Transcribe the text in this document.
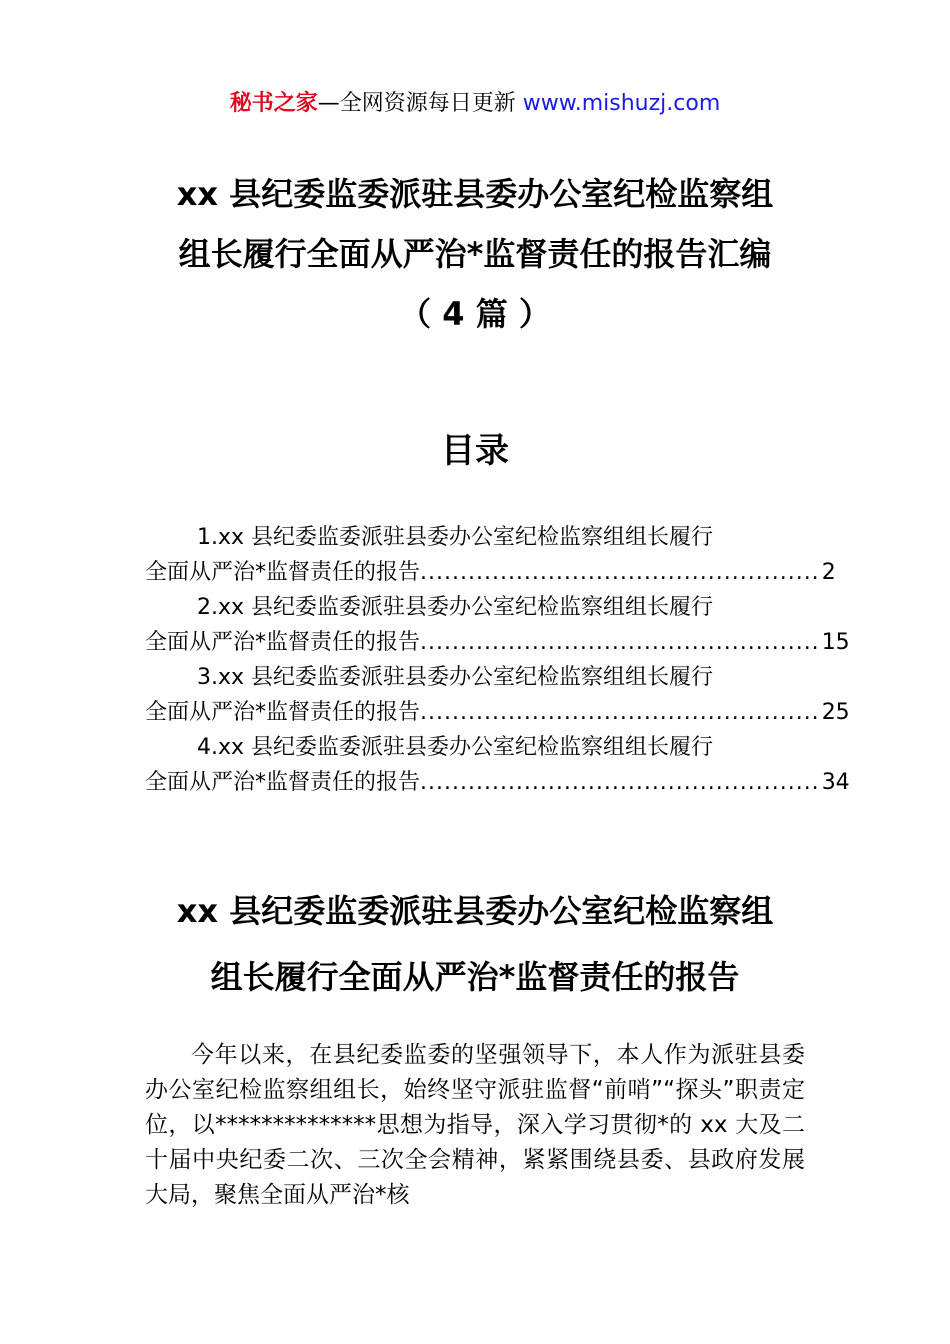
秘书之家—全网资源每日更新 www.mishuzj.com
xx 县纪委监委派驻县委办公室纪检监察组
组长履行全面从严治*监督责任的报告汇编
（ 4 篇 ）
目录
1.xx 县纪委监委派驻县委办公室纪检监察组组长履行
全面从严治*监督责任的报告 .................................................. 2
2.xx 县纪委监委派驻县委办公室纪检监察组组长履行
全面从严治*监督责任的报告 .................................................. 15
3.xx 县纪委监委派驻县委办公室纪检监察组组长履行
全面从严治*监督责任的报告 .................................................. 25
4.xx 县纪委监委派驻县委办公室纪检监察组组长履行
全面从严治*监督责任的报告 .................................................. 34
xx 县纪委监委派驻县委办公室纪检监察组
组长履行全面从严治*监督责任的报告
今年以来，在县纪委监委的坚强领导下，本人作为派驻县委办公室纪检监察组组长，始终坚守派驻监督“前哨”“探头”职责定位，以**************思想为指导，深入学习贯彻*的 xx 大及二十届中央纪委二次、三次全会精神，紧紧围绕县委、县政府发展大局，聚焦全面从严治*核
